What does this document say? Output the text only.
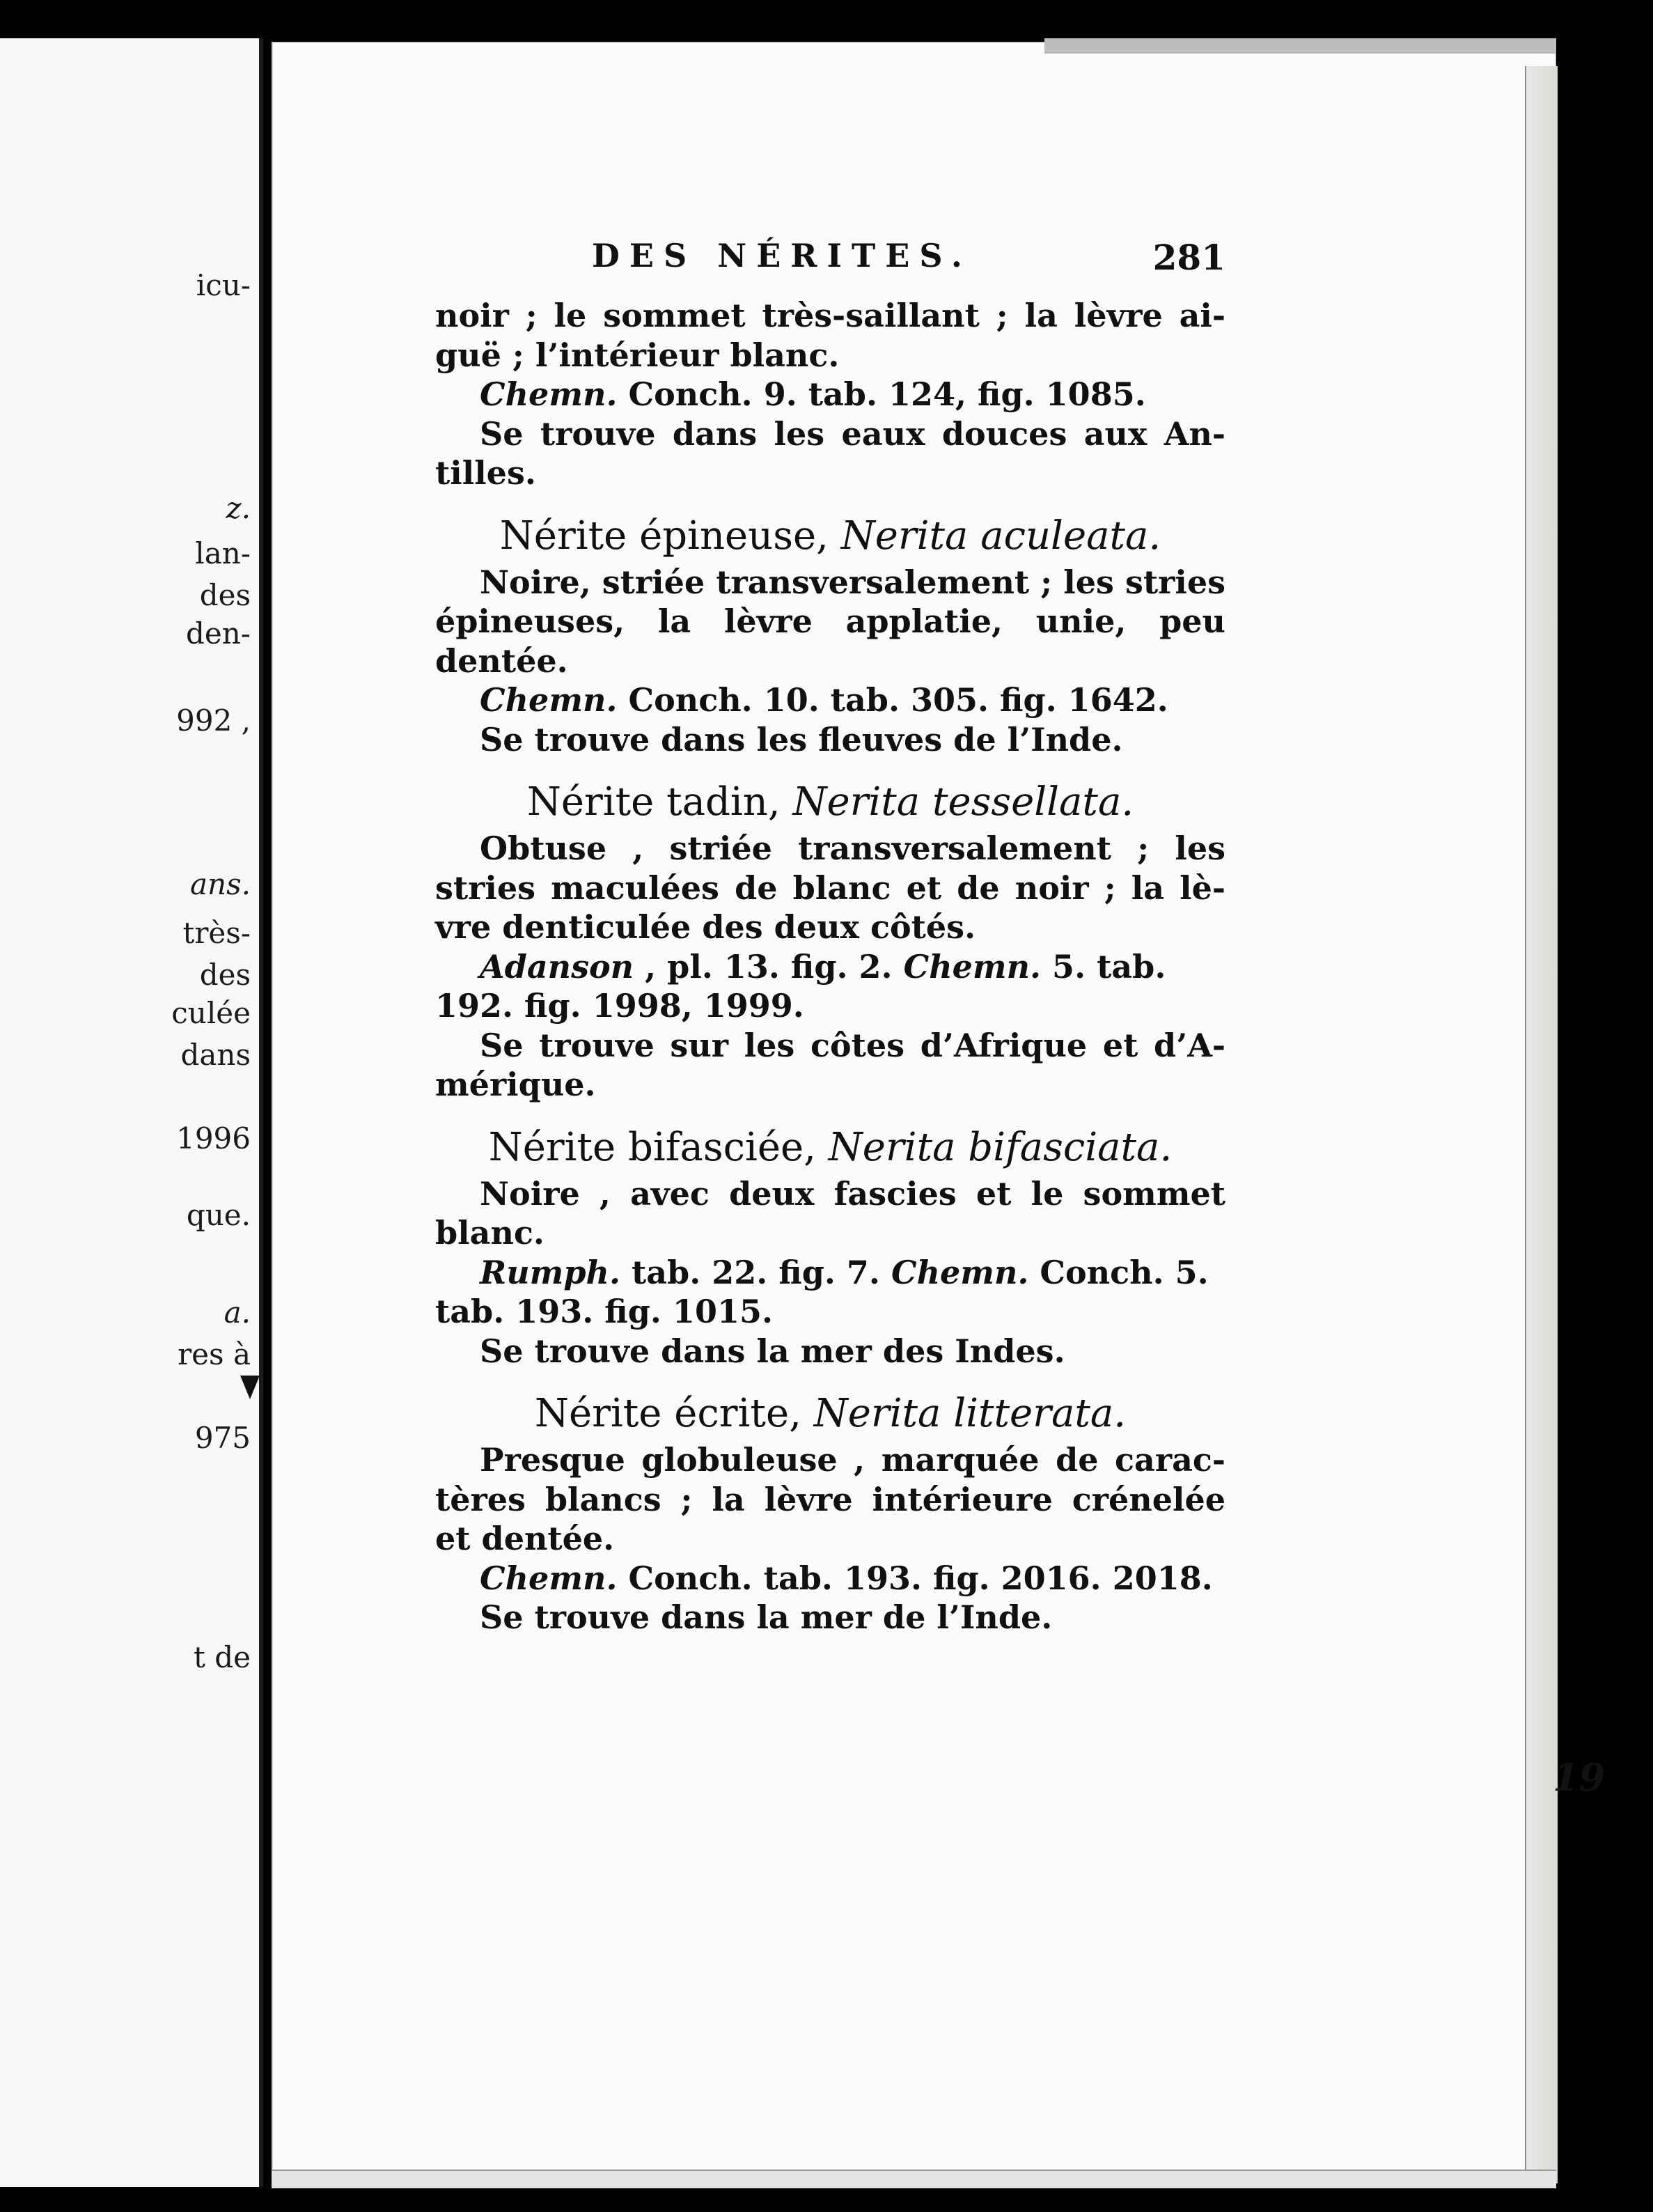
icu-
z.
lan-
des
den-
992 ,
ans.
très-
des
culée
dans
1996
que.
a.
res à
975
t de
DES NÉRITES.	281
noir ; le sommet très-saillant ; la lèvre ai-
guë ; l’intérieur blanc.
Chemn. Conch. 9. tab. 124, fig. 1085.
Se trouve dans les eaux douces aux An-
tilles.
Nérite épineuse, Nerita aculeata.
Noire, striée transversalement ; les stries
épineuses, la lèvre applatie, unie, peu
dentée.
Chemn. Conch. 10. tab. 305. fig. 1642.
Se trouve dans les fleuves de l’Inde.
Nérite tadin, Nerita tessellata.
Obtuse , striée transversalement ; les
stries maculées de blanc et de noir ; la lè-
vre denticulée des deux côtés.
Adanson , pl. 13. fig. 2. Chemn. 5. tab.
192. fig. 1998, 1999.
Se trouve sur les côtes d’Afrique et d’A-
mérique.
Nérite bifasciée, Nerita bifasciata.
Noire , avec deux fascies et le sommet
blanc.
Rumph. tab. 22. fig. 7. Chemn. Conch. 5.
tab. 193. fig. 1015.
Se trouve dans la mer des Indes.
Nérite écrite, Nerita litterata.
Presque globuleuse , marquée de carac-
tères blancs ; la lèvre intérieure crénelée
et dentée.
Chemn. Conch. tab. 193. fig. 2016. 2018.
Se trouve dans la mer de l’Inde.
19
